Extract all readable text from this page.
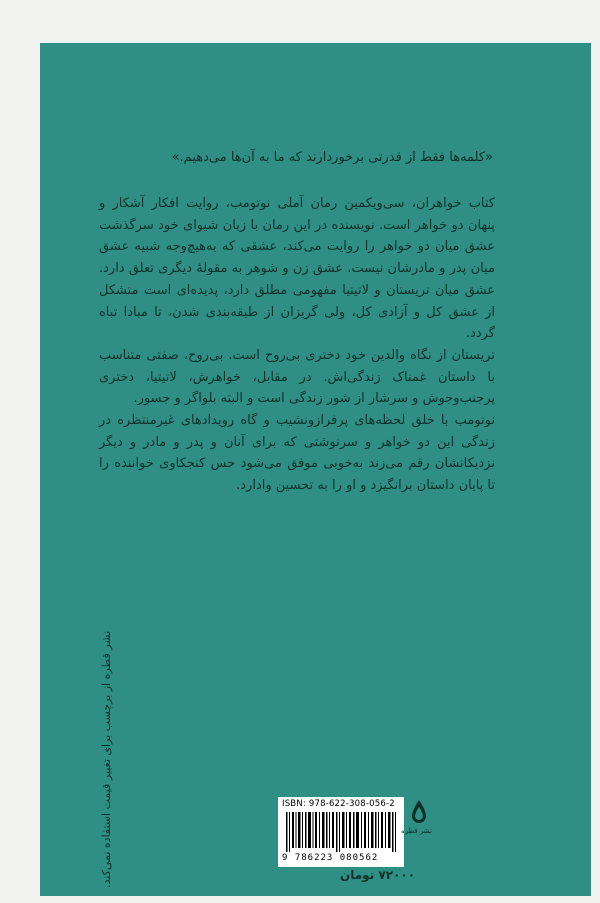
«کلمه‌ها فقط از قدرتی برخوردارند که ما به آن‌ها می‌دهیم.»

کتاب خواهران، سی‌ویکمین رمان آملی نوتومب، روایت افکار آشکار و پنهان دو خواهر است. نویسنده در این رمان با زبان شیوای خود سرگذشت عشق میان دو خواهر را روایت می‌کند، عشقی که به‌هیچ‌وجه شبیه عشق میان پدر و مادرشان نیست. عشق زن و شوهر به مقولهٔ دیگری تعلق دارد. عشق میان تریستان و لاتیتیا مفهومی مطلق دارد، پدیده‌ای است متشکل از عشق کل و آزادی کل، ولی گریزان از طبقه‌بندی شدن، تا مبادا تباه گردد.

تریستان از نگاه والدین خود دختری بی‌روح است. بی‌روح، صفتی متناسب با داستان غمناک زندگی‌اش. در مقابل، خواهرش، لاتیتیا، دختری پرجنب‌وجوش و سرشار از شور زندگی است و البته بلواگر و جسور.

نوتومب با خلق لحظه‌های پرفرازونشیب و گاه رویدادهای غیرمنتظره در زندگی این دو خواهر و سرنوشتی که برای آنان و پدر و مادر و دیگر نزدیکانشان رقم می‌زند به‌خوبی موفق می‌شود حس کنجکاوی خواننده را تا پایان داستان برانگیزد و او را به تحسین وادارد.

نشر قطره از برچسب برای تغییر قیمت استفاده نمی‌کند.	ISBN: 978-622-308-056-2
9 786223 080562
نشر قطره
۷۲۰۰۰ تومان
